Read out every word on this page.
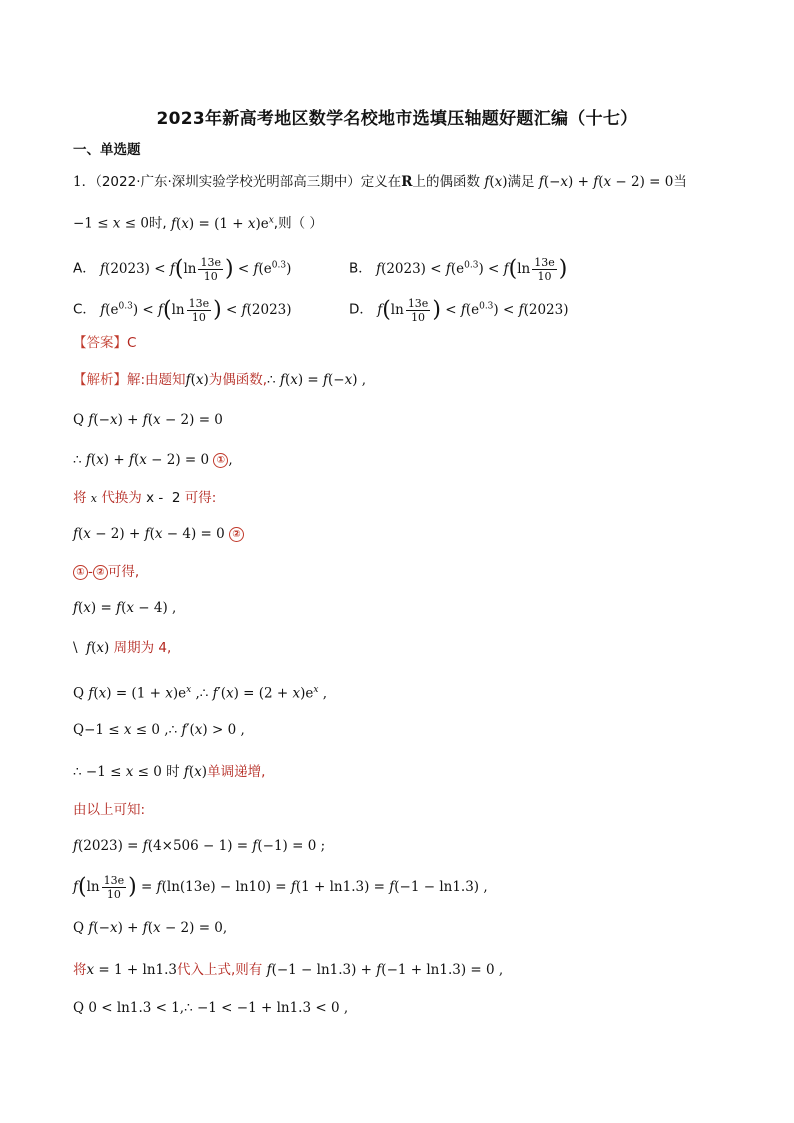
2023年新高考地区数学名校地市选填压轴题好题汇编（十七）
一、单选题
1．（2022·广东·深圳实验学校光明部高三期中）定义在R上的偶函数 f(x)满足 f(−x) + f(x − 2) = 0当
−1 ≤ x ≤ 0时, $f(x) = (1 + x)e^x$,则（ ）
A． $f(2023) < f(\ln \frac{13e}{10}$ ) < $f(e^{0.3})$	B． $f(2023) < f(e^{0.3}) < f(\ln \frac{13e}{10}$ )
C． $f(e^{0.3}) < f(\ln \frac{13e}{10}$ ) < f(2023)	D． $f(\ln \frac{13e}{10}$ ) < $f(e^{0.3}) < f(2023)$
【答案】C
【解析】解:由题知f(x)为偶函数,∴ f(x) = f(−x) ,
Q f(−x) + f(x − 2) = 0
∴ f(x) + f(x − 2) = 0 ① ,
将 x 代换为 x -  2 可得:
f(x − 2) + f(x − 4) = 0 ②
① - ② 可得,
f(x) = f(x − 4) ,
\  f(x) 周期为 4,
Q $f(x) = (1 + x)e^x$ ,∴ $f'(x) = (2 + x)e^x$ ,
Q−1 ≤ x ≤ 0 ,∴ f′(x) > 0 ,
∴ −1 ≤ x ≤ 0 时 f(x)单调递增,
由以上可知:
f(2023) = f(4×506 − 1) = f(−1) = 0 ;
$f(\ln \frac{13e}{10}$ ) = f(ln(13e) − ln10) = f(1 + ln1.3) = f(−1 − ln1.3) ,
Q f(−x) + f(x − 2) = 0,
将x = 1 + ln1.3代入上式,则有 f(−1 − ln1.3) + f(−1 + ln1.3) = 0 ,
Q 0 < ln1.3 < 1,∴ −1 < −1 + ln1.3 < 0 ,
